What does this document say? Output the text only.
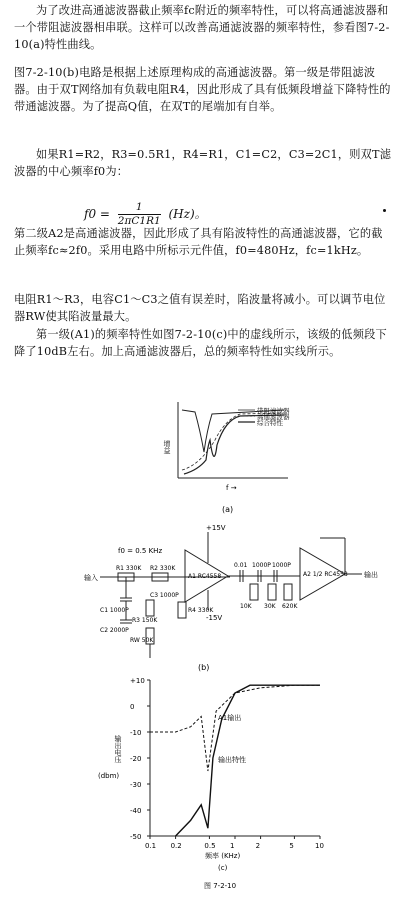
为了改进高通滤波器截止频率fc附近的频率特性，可以将高通滤波器和一个带阻滤波器相串联。这样可以改善高通滤波器的频率特性，参看图7-2-10(a)特性曲线。
图7-2-10(b)电路是根据上述原理构成的高通滤波器。第一级是带阻滤波器。由于双T网络加有负载电阻R4，因此形成了具有低频段增益下降特性的带通滤波器。为了提高Q值，在双T的尾端加有自举。
如果R1=R2，R3=0.5R1，R4=R1，C1=C2，C3=2C1，则双T滤波器的中心频率f0为：
$f0 = \frac{1}{2\pi C1R1} (Hz)$。
第二级A2是高通滤波器，因此形成了具有陷波特性的高通滤波器，它的截止频率fc≈2f0。采用电路中所标示元件值，f0=480Hz，fc=1kHz。
电阻R1～R3，电容C1～C3之值有误差时，陷波量将减小。可以调节电位器RW使其陷波量最大。
第一级(A1)的频率特性如图7-2-10(c)中的虚线所示，该级的低频段下降了10dB左右。加上高通滤波器后，总的频率特性如实线所示。
带阻滤波器
高通滤波器
综合特性
增益
f →
(a)
+15V
-15V
f0 = 0.5 KHz
输入	输出
R1 330K R2 330K
C1 1000P
C2 2000P
C3 1000P
R3 150K
R4 330K
RW 50K
A1 RC4558	A2 1/2 RC4558
0.01 1000P 1000P
10K 30K 620K
(b)
+10
0
-10
-20
-30
-40
-50
0.1 0.2	0.5 1	2	5	10
输出电压
(dbm)
频率 (KHz)
(c)
A1输出
输出特性
图 7-2-10
